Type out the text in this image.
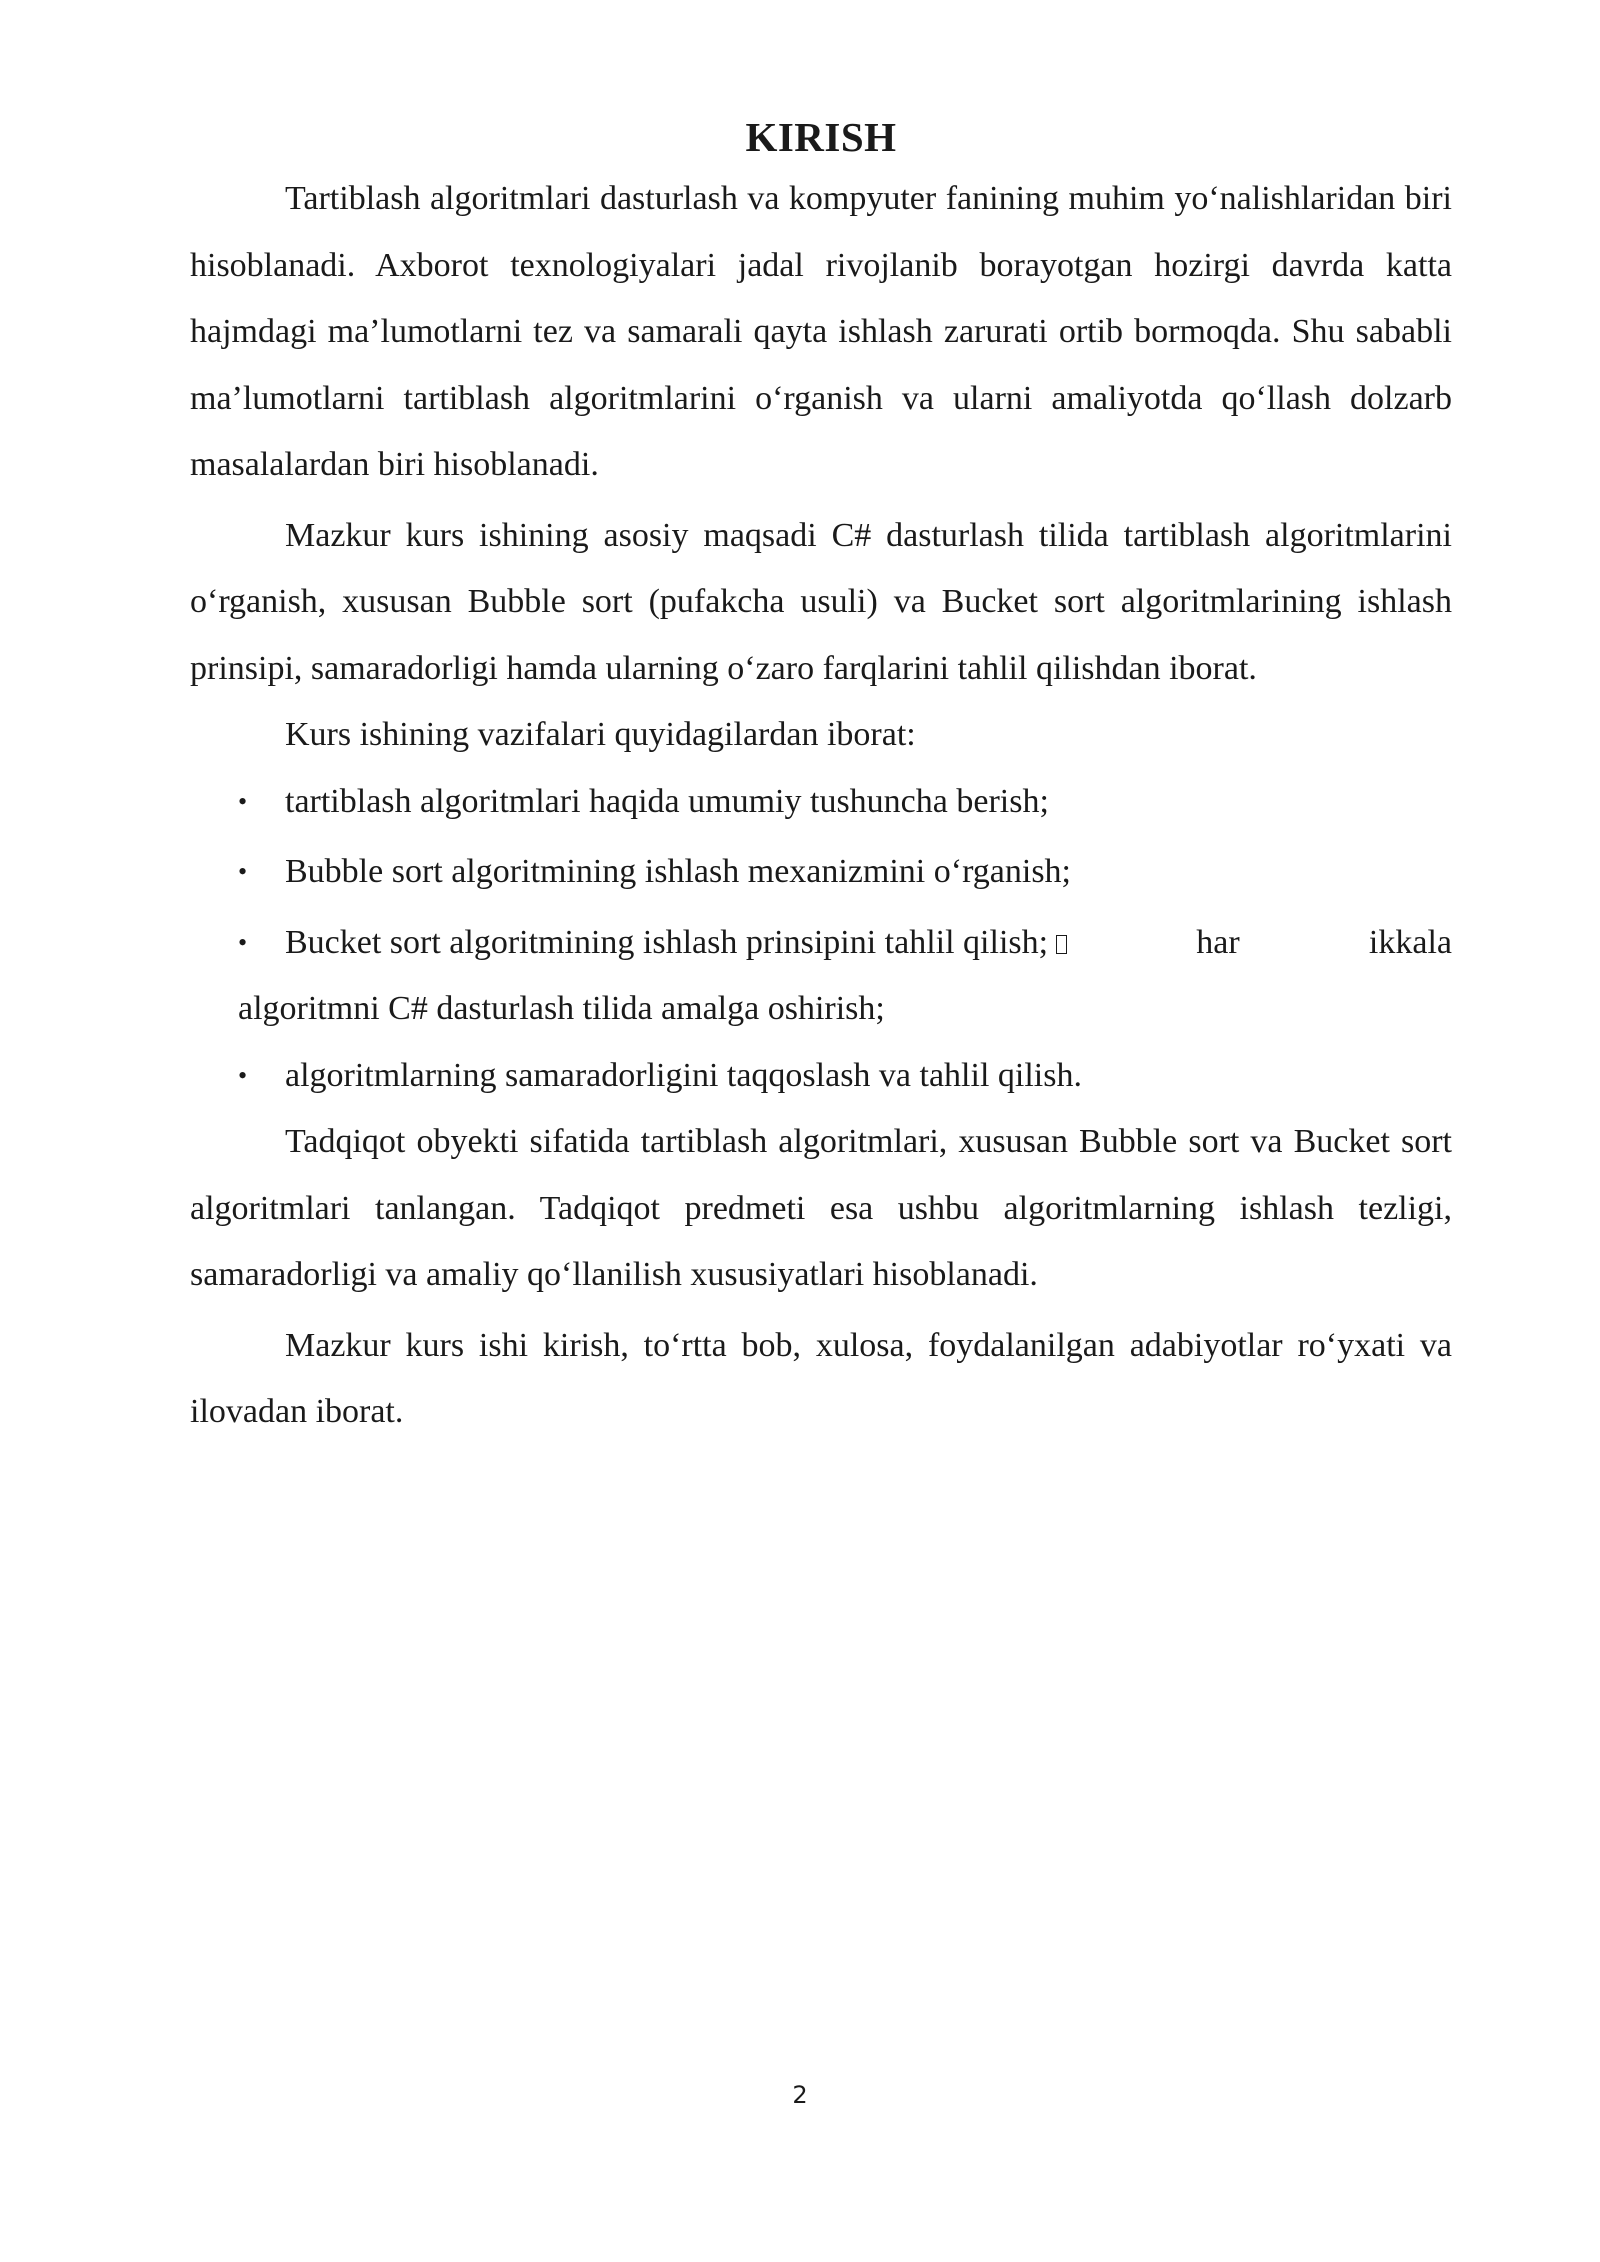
KIRISH

Tartiblash algoritmlari dasturlash va kompyuter fanining muhim yo‘nalishlaridan biri hisoblanadi. Axborot texnologiyalari jadal rivojlanib borayotgan hozirgi davrda katta hajmdagi ma’lumotlarni tez va samarali qayta ishlash zarurati ortib bormoqda. Shu sababli ma’lumotlarni tartiblash algoritmlarini o‘rganish va ularni amaliyotda qo‘llash dolzarb masalalardan biri hisoblanadi.

Mazkur kurs ishining asosiy maqsadi C# dasturlash tilida tartiblash algoritmlarini o‘rganish, xususan Bubble sort (pufakcha usuli) va Bucket sort algoritmlarining ishlash prinsipi, samaradorligi hamda ularning o‘zaro farqlarini tahlil qilishdan iborat.

Kurs ishining vazifalari quyidagilardan iborat:

• tartiblash algoritmlari haqida umumiy tushuncha berish;
• Bubble sort algoritmining ishlash mexanizmini o‘rganish;
• Bucket sort algoritmining ishlash prinsipini tahlil qilish;	har	ikkala
algoritmni C# dasturlash tilida amalga oshirish;
• algoritmlarning samaradorligini taqqoslash va tahlil qilish.

Tadqiqot obyekti sifatida tartiblash algoritmlari, xususan Bubble sort va Bucket sort algoritmlari tanlangan. Tadqiqot predmeti esa ushbu algoritmlarning ishlash tezligi, samaradorligi va amaliy qo‘llanilish xususiyatlari hisoblanadi.

Mazkur kurs ishi kirish, to‘rtta bob, xulosa, foydalanilgan adabiyotlar ro‘yxati va ilovadan iborat.

2
